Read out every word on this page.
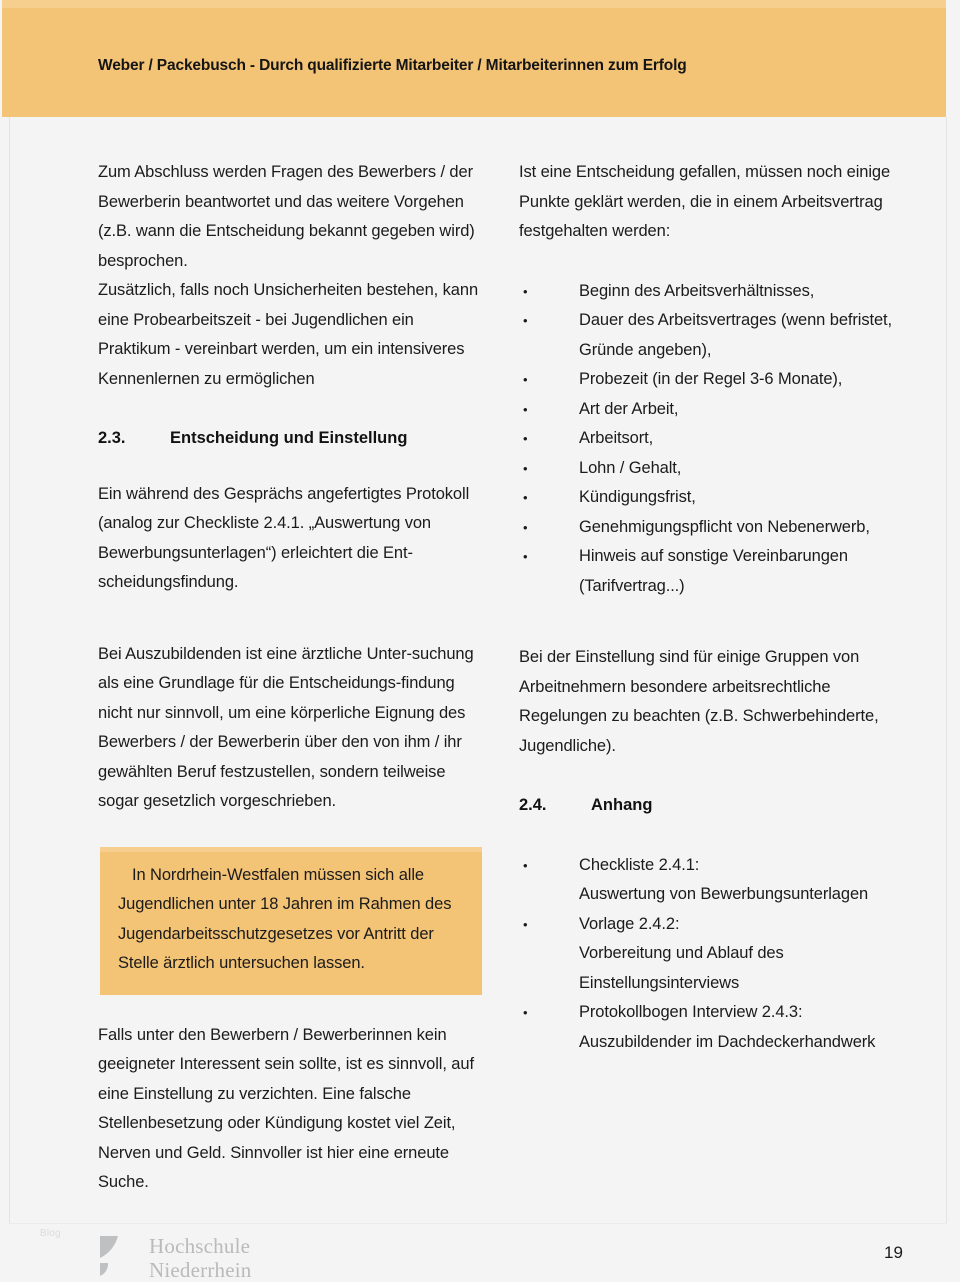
Weber / Packebusch - Durch qualifizierte Mitarbeiter / Mitarbeiterinnen zum Erfolg

Zum Abschluss werden Fragen des Bewerbers / der Bewerberin beantwortet und das weitere Vorgehen (z.B. wann die Entscheidung bekannt gegeben wird) besprochen.

Zusätzlich, falls noch Unsicherheiten bestehen, kann eine Probearbeitszeit - bei Jugendlichen ein Praktikum - vereinbart werden, um ein intensiveres Kennenlernen zu ermöglichen

2.3.	Entscheidung und Einstellung

Ein während des Gesprächs angefertigtes Protokoll (analog zur Checkliste 2.4.1. „Auswertung von Bewerbungsunterlagen“) erleichtert die Ent-scheidungsfindung.

Bei Auszubildenden ist eine ärztliche Unter-suchung als eine Grundlage für die Entscheidungs-findung nicht nur sinnvoll, um eine körperliche Eignung des Bewerbers / der Bewerberin über den von ihm / ihr gewählten Beruf festzustellen, sondern teilweise sogar gesetzlich vorgeschrieben.

In Nordrhein-Westfalen müssen sich alle Jugendlichen unter 18 Jahren im Rahmen des Jugendarbeitsschutzgesetzes vor Antritt der Stelle ärztlich untersuchen lassen.

Falls unter den Bewerbern / Bewerberinnen kein geeigneter Interessent sein sollte, ist es sinnvoll, auf eine Einstellung zu verzichten. Eine falsche Stellenbesetzung oder Kündigung kostet viel Zeit, Nerven und Geld. Sinnvoller ist hier eine erneute Suche.

Ist eine Entscheidung gefallen, müssen noch einige Punkte geklärt werden, die in einem Arbeitsvertrag festgehalten werden:

•	Beginn des Arbeitsverhältnisses,
•	Dauer des Arbeitsvertrages (wenn befristet, Gründe angeben),
•	Probezeit (in der Regel 3-6 Monate),
•	Art der Arbeit,
•	Arbeitsort,
•	Lohn / Gehalt,
•	Kündigungsfrist,
•	Genehmigungspflicht von Nebenerwerb,
•	Hinweis auf sonstige Vereinbarungen (Tarifvertrag...)

Bei der Einstellung sind für einige Gruppen von Arbeitnehmern besondere arbeitsrechtliche Regelungen zu beachten (z.B. Schwerbehinderte, Jugendliche).

2.4.	Anhang
•	Checkliste 2.4.1:
Auswertung von Bewerbungsunterlagen
•	Vorlage 2.4.2:
Vorbereitung und Ablauf des
Einstellungsinterviews
•	Protokollbogen Interview 2.4.3:
Auszubildender im Dachdeckerhandwerk
Blog
Hochschule
Niederrhein
19
